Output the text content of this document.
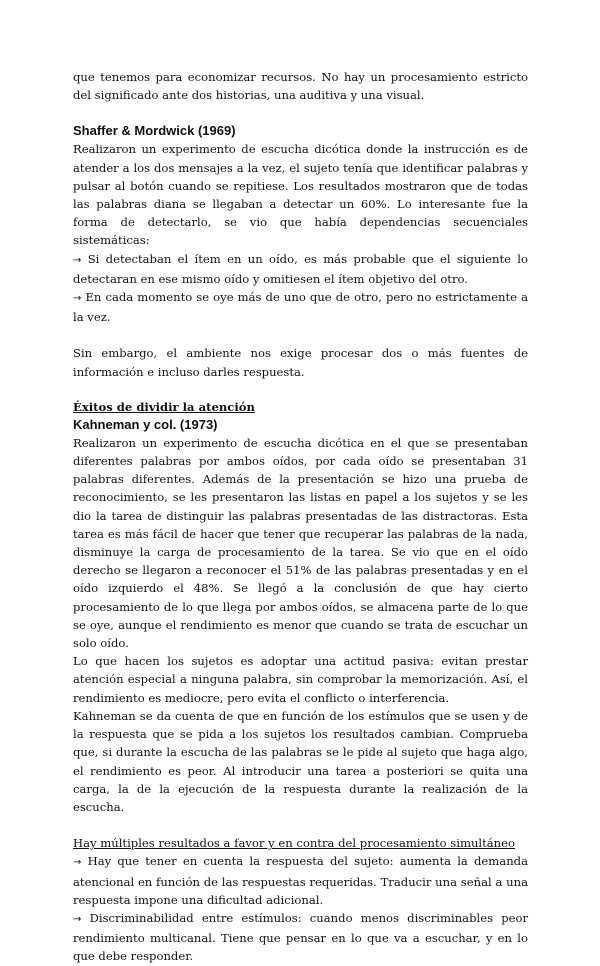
que tenemos para economizar recursos. No hay un procesamiento estricto del significado ante dos historias, una auditiva y una visual.

Shaffer & Mordwick (1969)

Realizaron un experimento de escucha dicótica donde la instrucción es de atender a los dos mensajes a la vez, el sujeto tenía que identificar palabras y pulsar al botón cuando se repitiese. Los resultados mostraron que de todas las palabras diana se llegaban a detectar un 60%. Lo interesante fue la forma de detectarlo, se vio que había dependencias secuenciales sistemáticas:

→ Si detectaban el ítem en un oído, es más probable que el siguiente lo detectaran en ese mismo oído y omitiesen el ítem objetivo del otro.

→ En cada momento se oye más de uno que de otro, pero no estrictamente a la vez.

Sin embargo, el ambiente nos exige procesar dos o más fuentes de información e incluso darles respuesta.

Éxitos de dividir la atención
Kahneman y col. (1973)

Realizaron un experimento de escucha dicótica en el que se presentaban diferentes palabras por ambos oídos, por cada oído se presentaban 31 palabras diferentes. Además de la presentación se hizo una prueba de reconocimiento, se les presentaron las listas en papel a los sujetos y se les dio la tarea de distinguir las palabras presentadas de las distractoras. Esta tarea es más fácil de hacer que tener que recuperar las palabras de la nada, disminuye la carga de procesamiento de la tarea. Se vio que en el oído derecho se llegaron a reconocer el 51% de las palabras presentadas y en el oído izquierdo el 48%. Se llegó a la conclusión de que hay cierto procesamiento de lo que llega por ambos oídos, se almacena parte de lo que se oye, aunque el rendimiento es menor que cuando se trata de escuchar un solo oído.

Lo que hacen los sujetos es adoptar una actitud pasiva: evitan prestar atención especial a ninguna palabra, sin comprobar la memorización. Así, el rendimiento es mediocre, pero evita el conflicto o interferencia.

Kahneman se da cuenta de que en función de los estímulos que se usen y de la respuesta que se pida a los sujetos los resultados cambian. Comprueba que, si durante la escucha de las palabras se le pide al sujeto que haga algo, el rendimiento es peor. Al introducir una tarea a posteriori se quita una carga, la de la ejecución de la respuesta durante la realización de la escucha.

Hay múltiples resultados a favor y en contra del procesamiento simultáneo

→ Hay que tener en cuenta la respuesta del sujeto: aumenta la demanda atencional en función de las respuestas requeridas. Traducir una señal a una respuesta impone una dificultad adicional.

→ Discriminabilidad entre estímulos: cuando menos discriminables peor rendimiento multicanal. Tiene que pensar en lo que va a escuchar, y en lo que debe responder.
